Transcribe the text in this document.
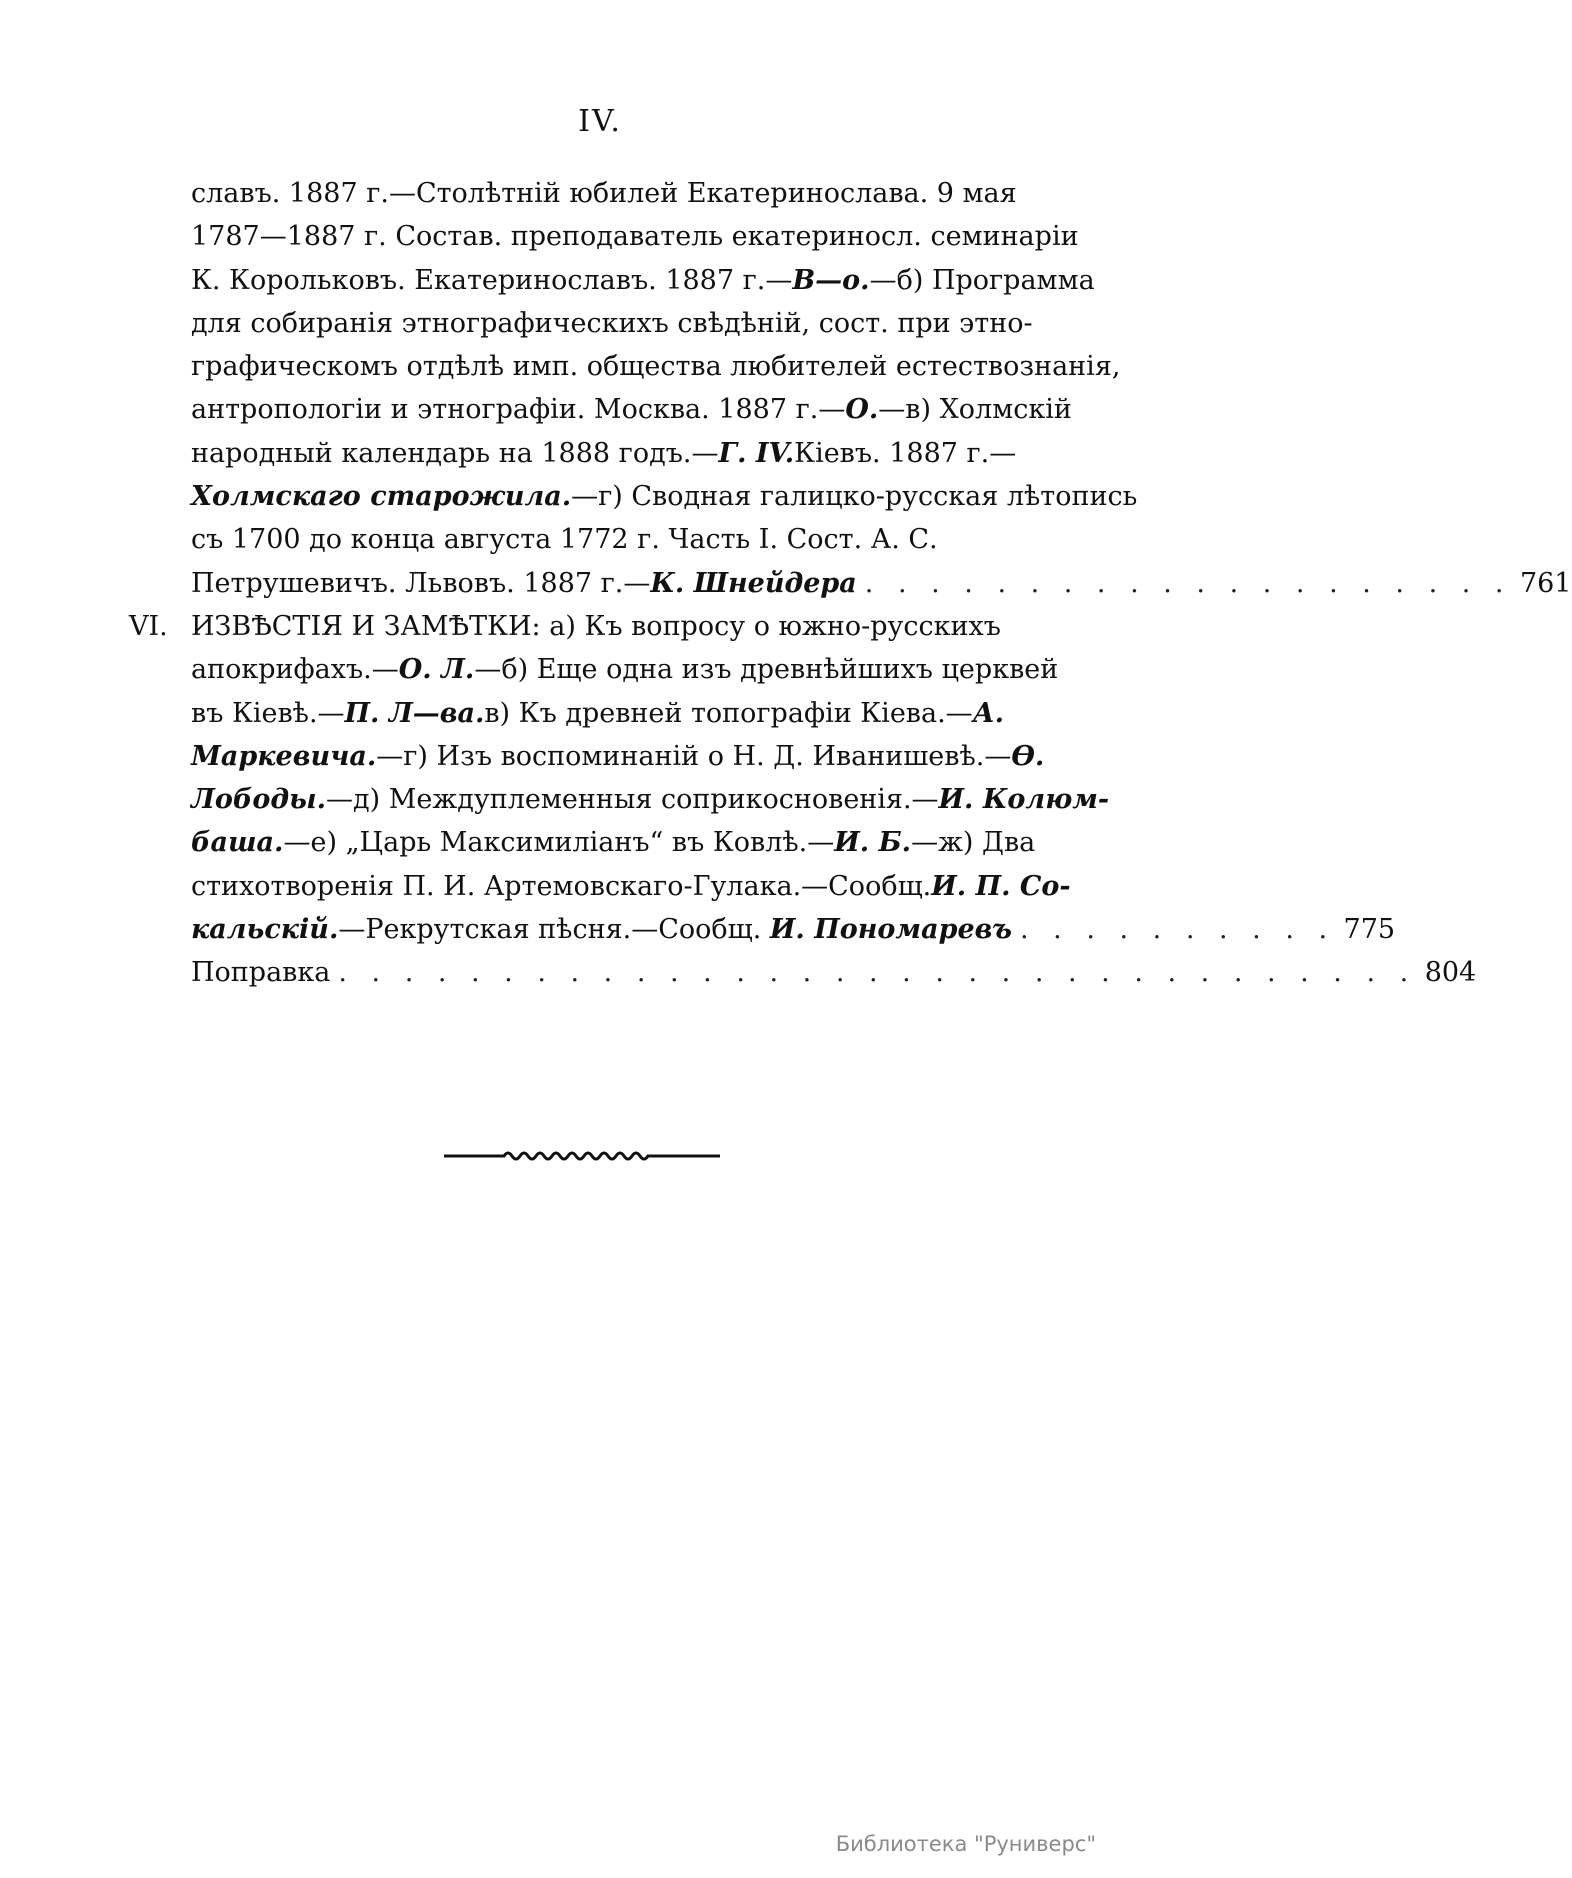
IV.
славъ. 1887 г.—Столѣтній юбилей Екатеринослава. 9 мая
1787—1887 г. Состав. преподаватель екатериносл. семинаріи
К. Корольковъ. Екатеринославъ. 1887 г.— В—о. —б) Программа
для собиранія этнографическихъ свѣдѣній, сост. при этно-
графическомъ отдѣлѣ имп. общества любителей естествознанія,
антропологіи и этнографіи. Москва. 1887 г.— О. —в) Холмскій
народный календарь на 1888 годъ.— Г. IV. Кіевъ. 1887 г.—
Холмскаго старожила. —г) Сводная галицко-русская лѣтопись
съ 1700 до конца августа 1772 г. Часть I. Сост. А. С.
Петрушевичъ. Львовъ. 1887 г.—К. Шнейдера . . . . . . . . . . . . . . . . . . . . 761
VI. ИЗВѢСТІЯ И ЗАМѢТКИ: а) Къ вопросу о южно-русскихъ
апокрифахъ.— О. Л. —б) Еще одна изъ древнѣйшихъ церквей
въ Кіевѣ.— П. Л—ва. в) Къ древней топографіи Кіева.— А.
Маркевича. —г) Изъ воспоминаній о Н. Д. Иванишевѣ.— Ѳ.
Лободы. —д) Междуплеменныя соприкосновенія.— И. Колюм-
баша. —е) „Царь Максимиліанъ“ въ Ковлѣ.— И. Б. —ж) Два
стихотворенія П. И. Артемовскаго-Гулака.—Сообщ. И. П. Со-
кальскій.—Рекрутская пѣсня.—Сообщ. И. Пономаревъ . . . . . . . . . . 775
Поправка . . . . . . . . . . . . . . . . . . . . . . . . . . . . . . . . . 804
Библиотека "Руниверс"
